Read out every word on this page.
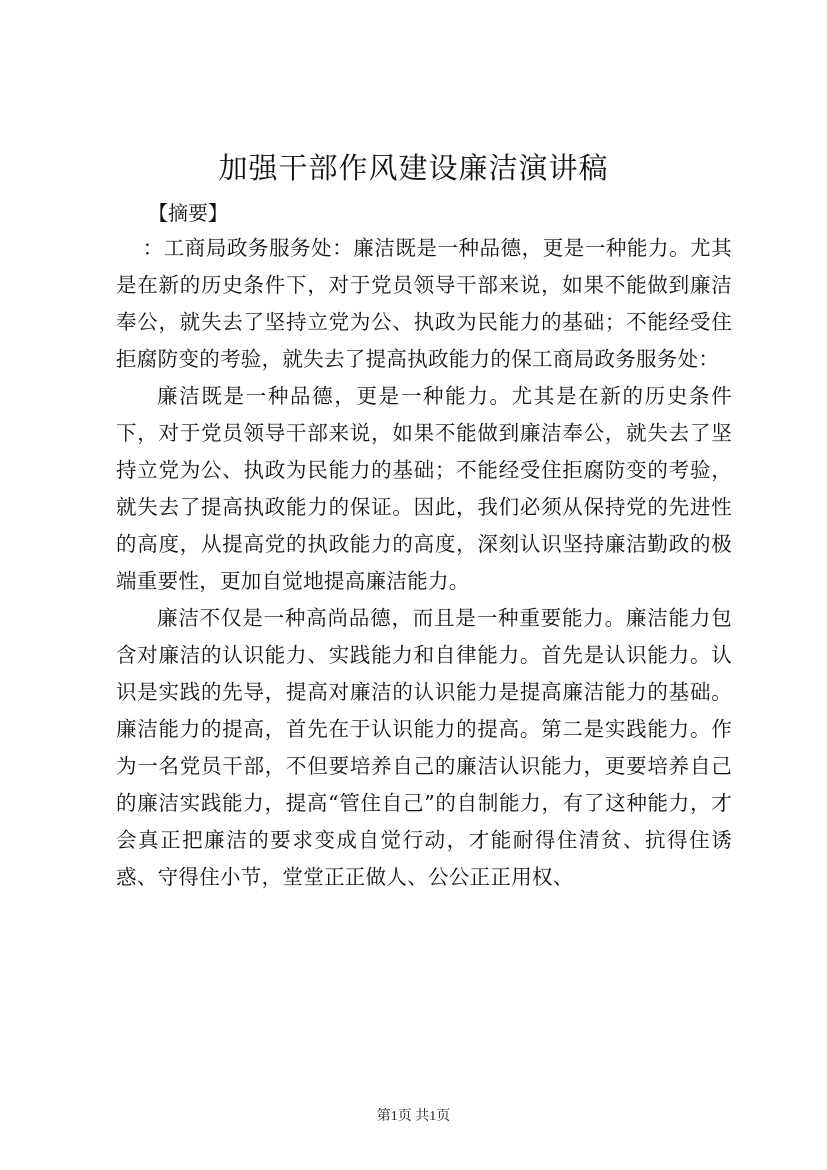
加强干部作风建设廉洁演讲稿
【摘要】

：工商局政务服务处：廉洁既是一种品德，更是一种能力。尤其是在新的历史条件下，对于党员领导干部来说，如果不能做到廉洁奉公，就失去了坚持立党为公、执政为民能力的基础；不能经受住拒腐防变的考验，就失去了提高执政能力的保工商局政务服务处：

廉洁既是一种品德，更是一种能力。尤其是在新的历史条件下，对于党员领导干部来说，如果不能做到廉洁奉公，就失去了坚持立党为公、执政为民能力的基础；不能经受住拒腐防变的考验，就失去了提高执政能力的保证。因此，我们必须从保持党的先进性的高度，从提高党的执政能力的高度，深刻认识坚持廉洁勤政的极端重要性，更加自觉地提高廉洁能力。

廉洁不仅是一种高尚品德，而且是一种重要能力。廉洁能力包含对廉洁的认识能力、实践能力和自律能力。首先是认识能力。认识是实践的先导，提高对廉洁的认识能力是提高廉洁能力的基础。廉洁能力的提高，首先在于认识能力的提高。第二是实践能力。作为一名党员干部，不但要培养自己的廉洁认识能力，更要培养自己的廉洁实践能力，提高“管住自己”的自制能力，有了这种能力，才会真正把廉洁的要求变成自觉行动，才能耐得住清贫、抗得住诱惑、守得住小节，堂堂正正做人、公公正正用权、

第1页 共1页
